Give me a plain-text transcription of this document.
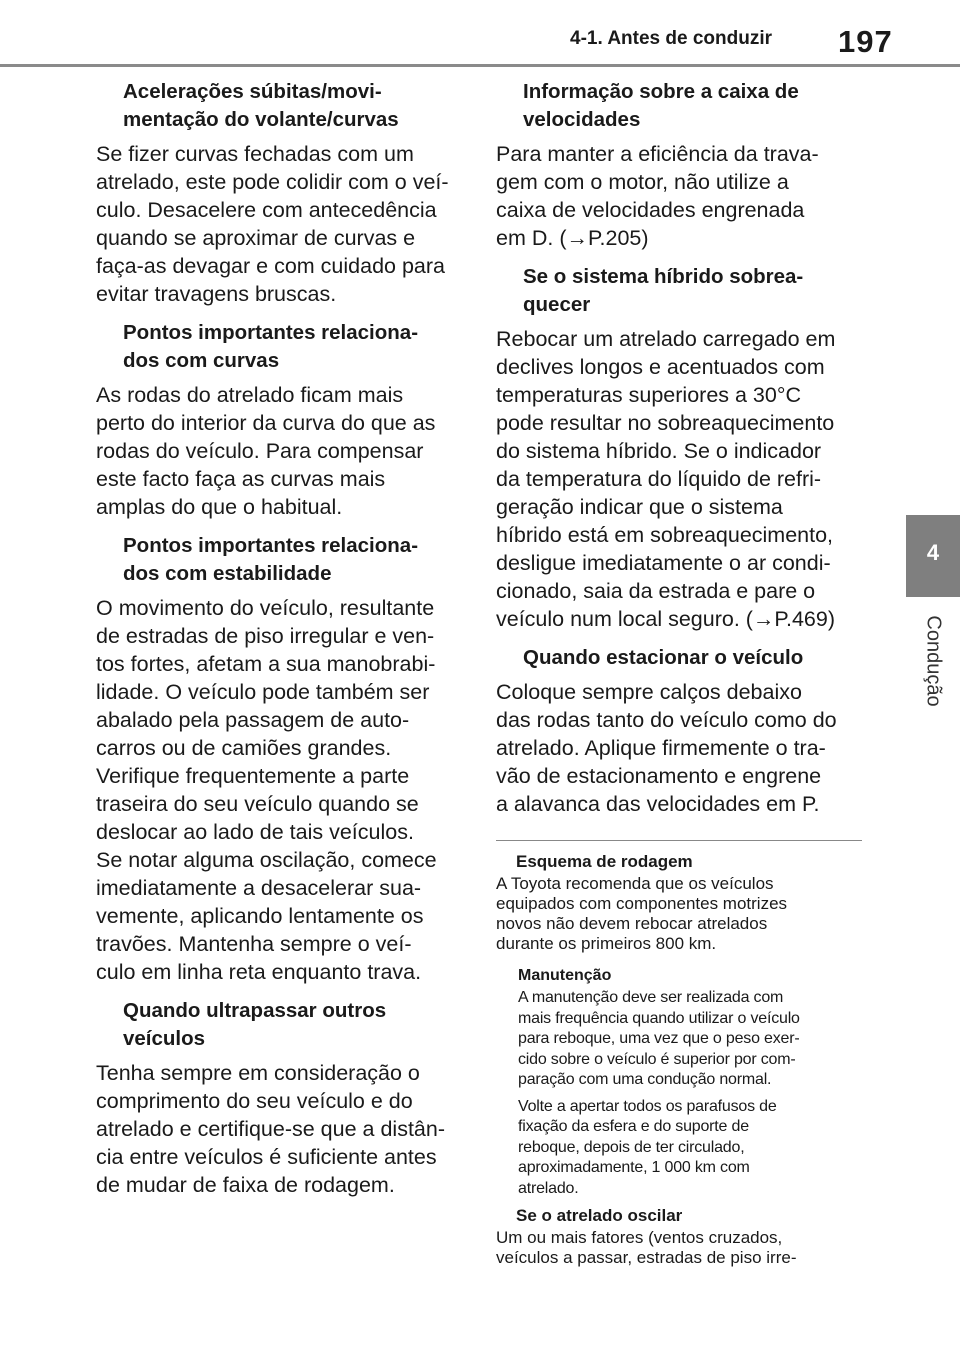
4-1. Antes de conduzir 197
4
Condução
Acelerações súbitas/movi-
mentação do volante/curvas
Se fizer curvas fechadas com um
atrelado, este pode colidir com o veí-
culo. Desacelere com antecedência
quando se aproximar de curvas e
faça-as devagar e com cuidado para
evitar travagens bruscas.
Pontos importantes relaciona-
dos com curvas
As rodas do atrelado ficam mais
perto do interior da curva do que as
rodas do veículo. Para compensar
este facto faça as curvas mais
amplas do que o habitual.
Pontos importantes relaciona-
dos com estabilidade
O movimento do veículo, resultante
de estradas de piso irregular e ven-
tos fortes, afetam a sua manobrabi-
lidade. O veículo pode também ser
abalado pela passagem de auto-
carros ou de camiões grandes.
Verifique frequentemente a parte
traseira do seu veículo quando se
deslocar ao lado de tais veículos.
Se notar alguma oscilação, comece
imediatamente a desacelerar sua-
vemente, aplicando lentamente os
travões. Mantenha sempre o veí-
culo em linha reta enquanto trava.
Quando ultrapassar outros
veículos
Tenha sempre em consideração o
comprimento do seu veículo e do
atrelado e certifique-se que a distân-
cia entre veículos é suficiente antes
de mudar de faixa de rodagem.
Informação sobre a caixa de
velocidades
Para manter a eficiência da trava-
gem com o motor, não utilize a
caixa de velocidades engrenada
em D. (→P.205)
Se o sistema híbrido sobrea-
quecer
Rebocar um atrelado carregado em
declives longos e acentuados com
temperaturas superiores a 30°C
pode resultar no sobreaquecimento
do sistema híbrido. Se o indicador
da temperatura do líquido de refri-
geração indicar que o sistema
híbrido está em sobreaquecimento,
desligue imediatamente o ar condi-
cionado, saia da estrada e pare o
veículo num local seguro. (→P.469)
Quando estacionar o veículo
Coloque sempre calços debaixo
das rodas tanto do veículo como do
atrelado. Aplique firmemente o tra-
vão de estacionamento e engrene
a alavanca das velocidades em P.
Esquema de rodagem
A Toyota recomenda que os veículos
equipados com componentes motrizes
novos não devem rebocar atrelados
durante os primeiros 800 km.
Manutenção
A manutenção deve ser realizada com
mais frequência quando utilizar o veículo
para reboque, uma vez que o peso exer-
cido sobre o veículo é superior por com-
paração com uma condução normal.
Volte a apertar todos os parafusos de
fixação da esfera e do suporte de
reboque, depois de ter circulado,
aproximadamente, 1 000 km com
atrelado.
Se o atrelado oscilar
Um ou mais fatores (ventos cruzados,
veículos a passar, estradas de piso irre-
